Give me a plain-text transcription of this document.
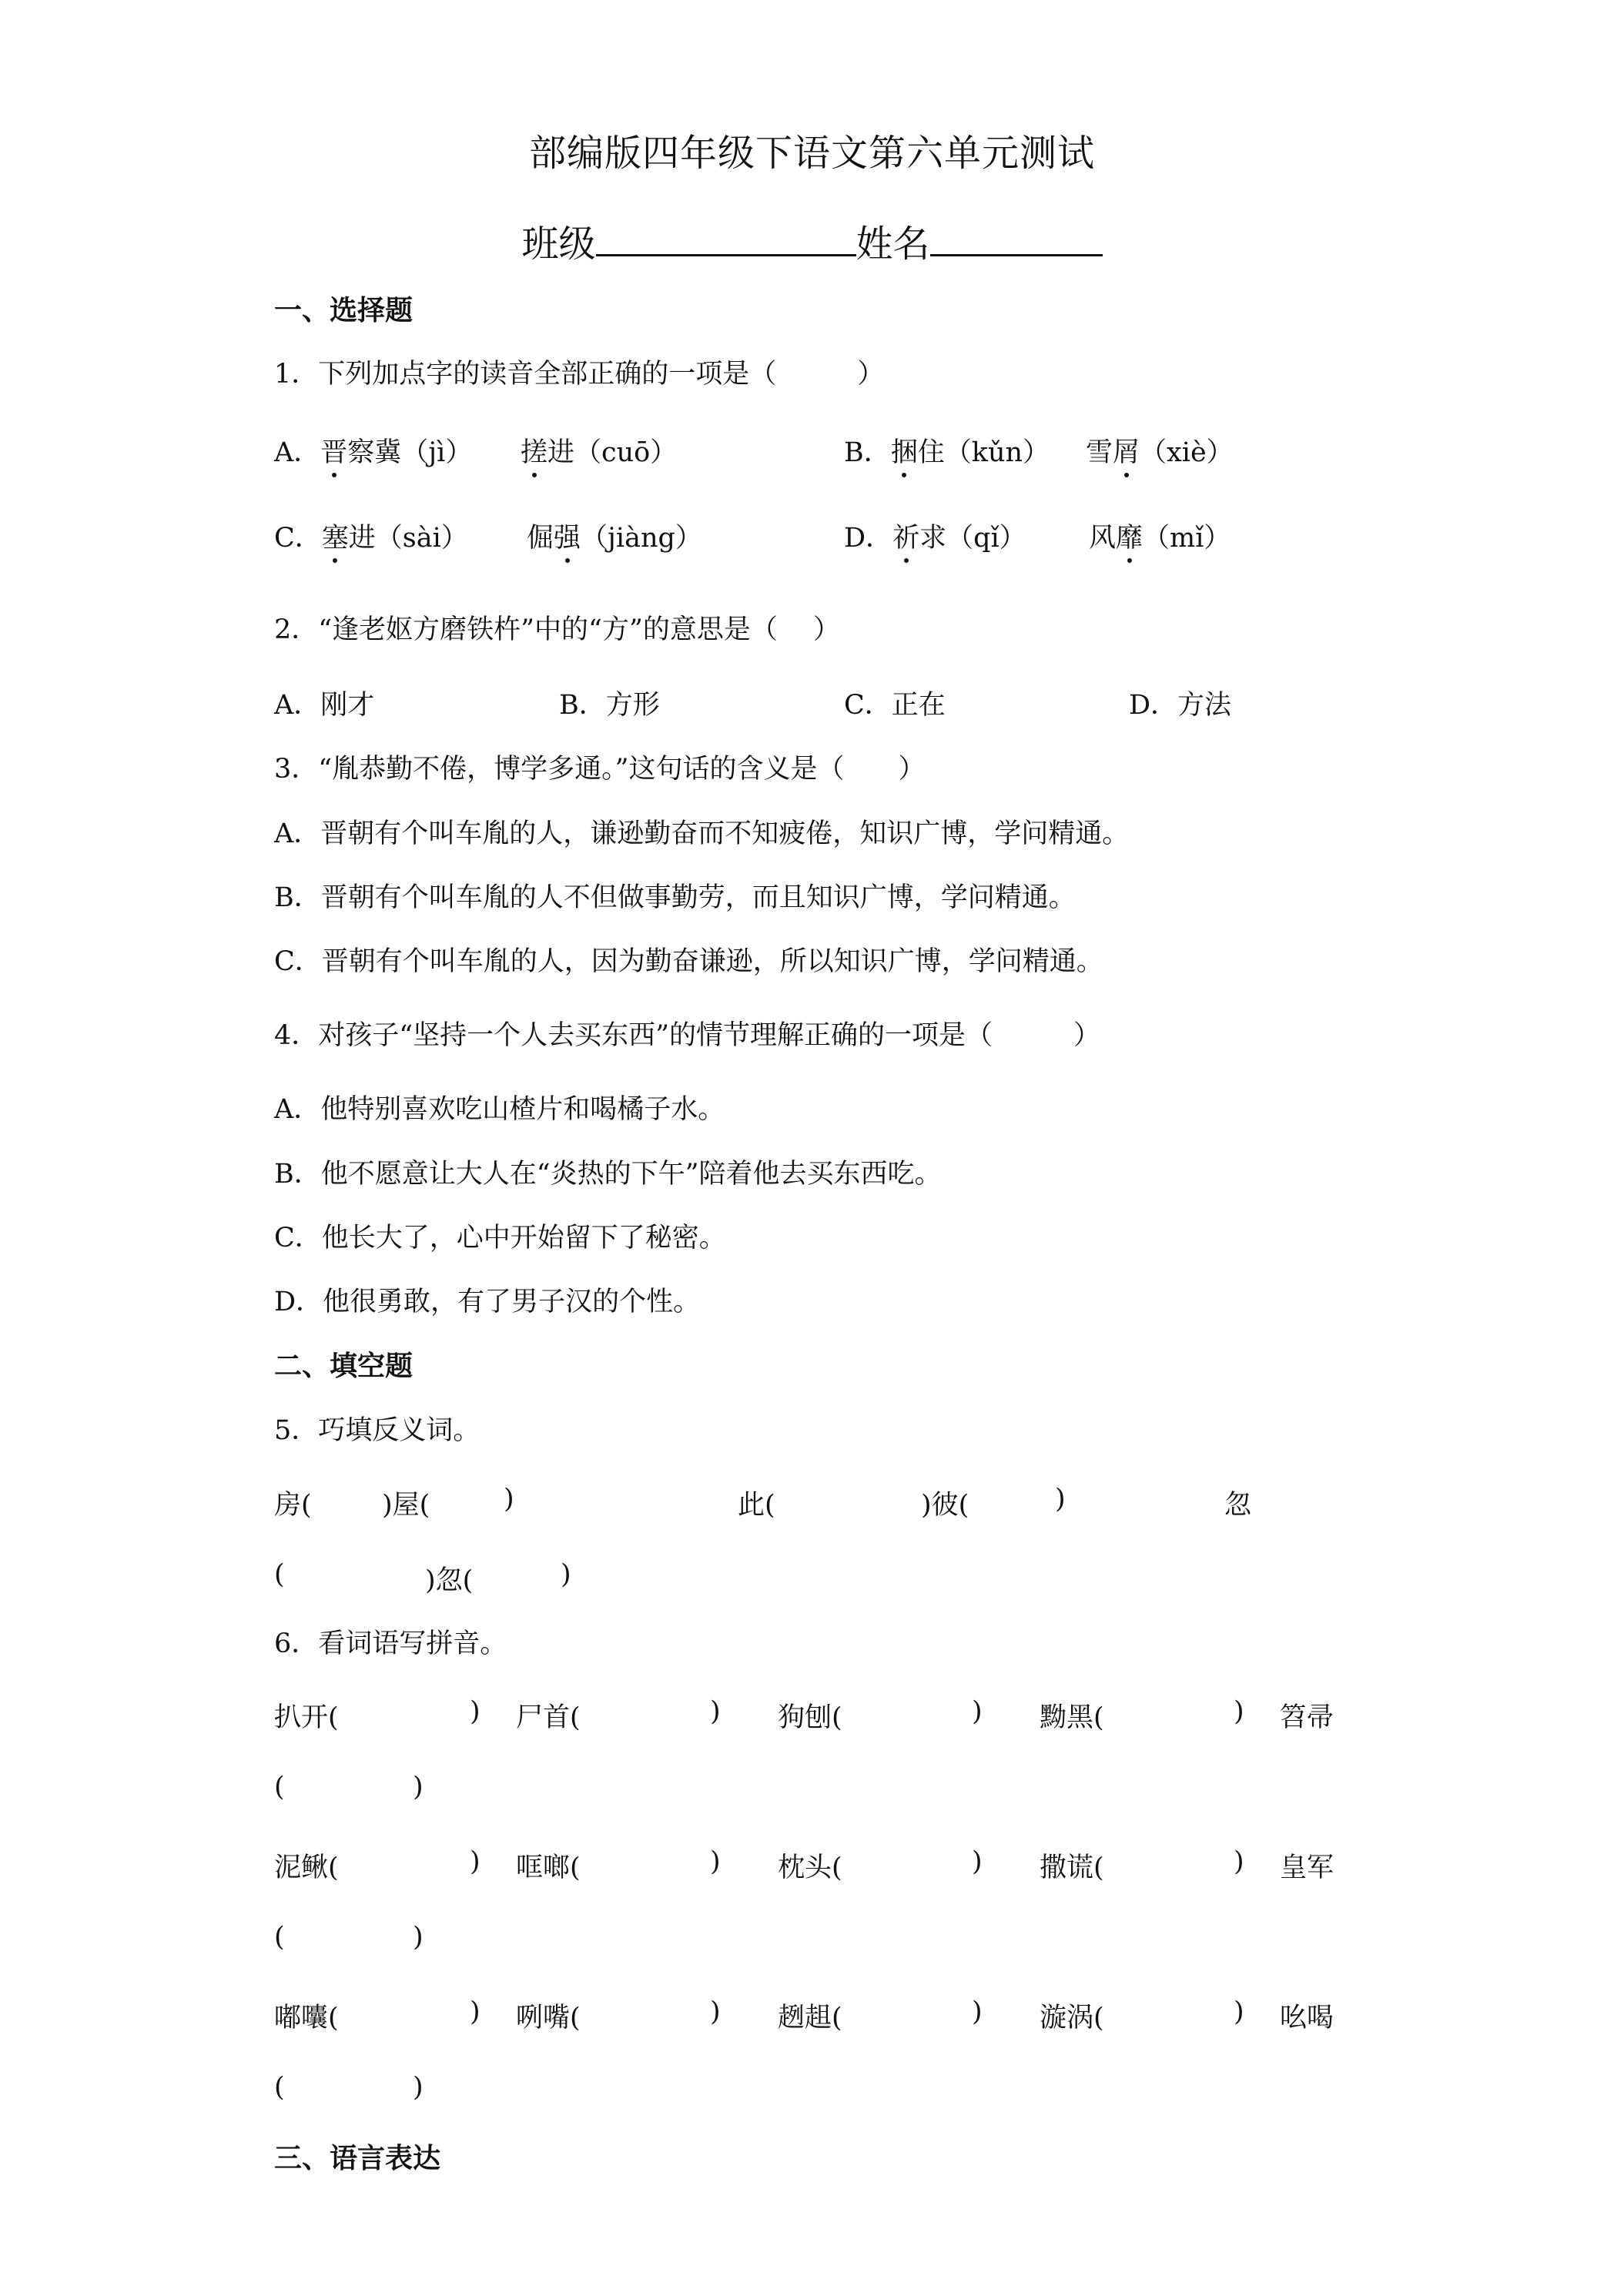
部编版四年级下语文第六单元测试
班级	姓名
一、选择题
1．下列加点字的读音全部正确的一项是（　　　）
A．晋察冀（jì） 搓进（cuō）	B．捆住（kǔn） 雪屑（xiè）
C．塞进（sài） 倔强（jiàng）	D．祈求（qǐ） 风靡（mǐ）
2．“逢老妪方磨铁杵”中的“方”的意思是（　 ）
A．刚才	B．方形	C．正在	D．方法
3．“胤恭勤不倦，博学多通。”这句话的含义是（　　）
A．晋朝有个叫车胤的人，谦逊勤奋而不知疲倦，知识广博，学问精通。
B．晋朝有个叫车胤的人不但做事勤劳，而且知识广博，学问精通。
C．晋朝有个叫车胤的人，因为勤奋谦逊，所以知识广博，学问精通。
4．对孩子“坚持一个人去买东西”的情节理解正确的一项是（　　　）
A．他特别喜欢吃山楂片和喝橘子水。
B．他不愿意让大人在“炎热的下午”陪着他去买东西吃。
C．他长大了，心中开始留下了秘密。
D．他很勇敢，有了男子汉的个性。
二、填空题
5．巧填反义词。
房(	)屋(	)	此(	)彼(	)	忽
(	)忽(	)
6．看词语写拼音。
扒开(	) 尸首(	) 狗刨(	) 黝黑(	) 笤帚
(	)
泥鳅(	) 哐啷(	) 枕头(	) 撒谎(	) 皇军
(	)
嘟囔(	) 咧嘴(	) 趔趄(	) 漩涡(	) 吆喝
(	)
三、语言表达
